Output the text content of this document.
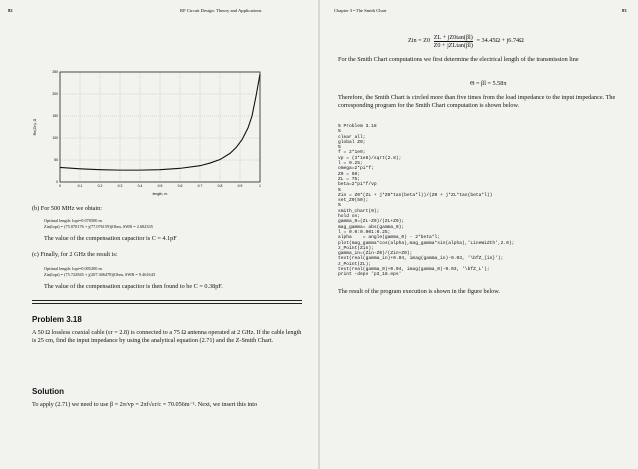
82	RF Circuit Design: Theory and Applications
0	0.1	0.2	0.3	0.4	0.5	0.6	0.7	0.8	0.9	1
0
50
100
150
200
250
length, m
Re(Zin), Ω
(b) For 500 MHz we obtain:
Optimal length: lopt=0.070500 m
Zin(lopt) = (75.070176 + j(77.076159))Ohm, SWR = 2.682335
The value of the compensation capacitor is C = 4.1pF
(c) Finally, for 2 GHz the result is:
Optimal length: lopt=0.005200 m
Zin(lopt) = (75.722845 + j(207.306478))Ohm, SWR = 9.461643
The value of the compensation capacitor is then found to be C = 0.38pF.
Problem 3.18
A 50 Ω lossless coaxial cable (εr = 2.8) is connected to a 75 Ω antenna operated at 2 GHz. If the cable length is 25 cm, find the input impedance by using the analytical equation (2.71) and the Z-Smith Chart.
Solution
To apply (2.71) we need to use β = 2π/vp = 2πf√εr/c = 70.056m⁻¹. Next, we insert this into
Chapter 3 • The Smith Chart	83
Zin = Z0 ZL + jZ0tan(βl)
Z0 + jZLtan(βl)
= 34.45Ω + j6.74Ω
For the Smith Chart computations we first determine the electrical length of the transmission line
Θ = βl = 5.58π
Therefore, the Smith Chart is circled more than five times from the load impedance to the input impedance. The corresponding program for the Smith Chart computation is shown below.
% Problem 3.18
%
clear all;
global Z0;
%
f = 2*1e9;
vp = (3*1e8)/sqrt(2.8);
l = 0.25;
omega=2*pi*f;
Z0 = 50;
ZL = 75;
beta=2*pi*f/vp
%
Zin = Z0*(ZL + j*Z0*tan(beta*l))/(Z0 + j*ZL*tan(beta*l))
set_Z0(50);
%
smith_chart(0);
hold on;
gamma_0=(ZL-Z0)/(ZL+Z0);
mag_gamma= abs(gamma_0);
l = 0.0:0.001:0.25;
alpha    = angle(gamma_0) - 2*beta*l;
plot(mag_gamma*cos(alpha),mag_gamma*sin(alpha),'LineWidth',2.0);
z_Point(Zin);
gamma_in=(Zin-Z0)/(Zin+Z0);
text(real(gamma_in)+0.04, imag(gamma_in)-0.03, '\bfZ_{in}');
z_Point(ZL);
text(real(gamma_0)+0.04, imag(gamma_0)-0.03, '\bfZ_L');
print -deps 'p3_18.eps'
The result of the program execution is shown in the figure below.
